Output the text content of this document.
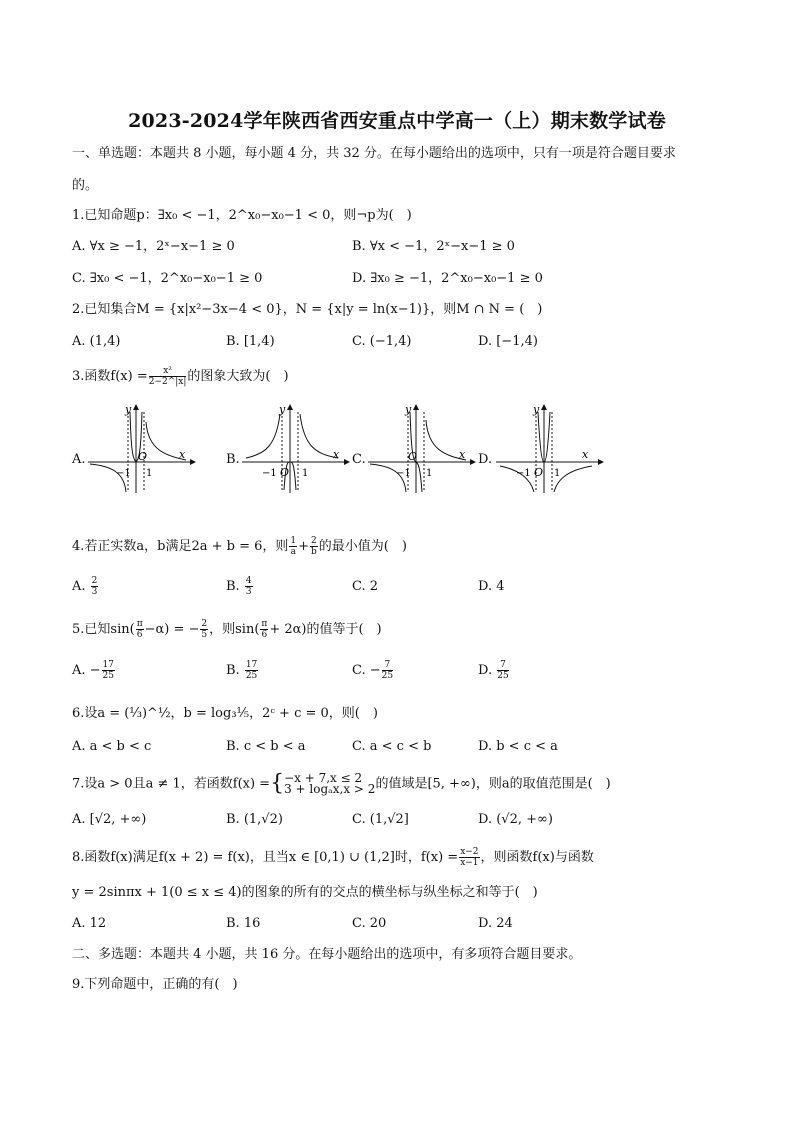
2023-2024学年陕西省西安重点中学高一（上）期末数学试卷
一、单选题：本题共 8 小题，每小题 4 分，共 32 分。在每小题给出的选项中，只有一项是符合题目要求
的。
1.已知命题p：∃x₀ < −1，2^x₀−x₀−1 < 0，则¬p为(　)
A. ∀x ≥ −1，2ˣ−x−1 ≥ 0	B. ∀x < −1，2ˣ−x−1 ≥ 0
C. ∃x₀ < −1，2^x₀−x₀−1 ≥ 0	D. ∃x₀ ≥ −1，2^x₀−x₀−1 ≥ 0
2.已知集合M = {x|x²−3x−4 < 0}，N = {x|y = ln(x−1)}，则M ∩ N = (　)
A. (1,4)	B. [1,4)	C. (−1,4)	D. [−1,4)
3.函数$f(x) = \frac{\text{x²}}{2-2\^{}|x|}$ 的图象大致为(　)
A.
y
x
O
−1 1
B.
y
x
O
−1	1
C.
y
x
O
−1 1
D.
y
x
O
−1 1
4.若正实数a，b满足2a + b = 6，则 $\frac{1}{a} + \frac{2}{b}$ 的最小值为(　)
A. $\frac{2}{3}$	B. $\frac{4}{3}$	C. 2	D. 4
5.已知$\sin( \frac{\pi}{6} -\alpha)$ = − $\frac{2}{5}$ ，则$\sin( \frac{\pi}{6} + 2\alpha)$的值等于(　)
A. − $\frac{17}{25}$	B. $\frac{17}{25}$	C. − $\frac{7}{25}$	D. $\frac{7}{25}$
6.设a = (⅓)^½，b = log₃⅕，2ᶜ + c = 0，则(　)
A. a < b < c	B. c < b < a	C. a < c < b	D. b < c < a
7.设a > 0且a ≠ 1，若函数f(x) ={ −x + 7,x ≤ 2
3 + logₐx,x > 2 的值域是[5, +∞)，则a的取值范围是(　)
A. [√2, +∞)	B. (1,√2)	C. (1,√2]	D. (√2, +∞)
8.函数f(x)满足f(x + 2) = f(x)，且当x ∈ [0,1) ∪ (1,2]时，$f(x) = \frac{x-2}{x-1}$ ，则函数f(x)与函数
y = 2sinπx + 1(0 ≤ x ≤ 4)的图象的所有的交点的横坐标与纵坐标之和等于(　)
A. 12	B. 16	C. 20	D. 24
二、多选题：本题共 4 小题，共 16 分。在每小题给出的选项中，有多项符合题目要求。
9.下列命题中，正确的有(　)
